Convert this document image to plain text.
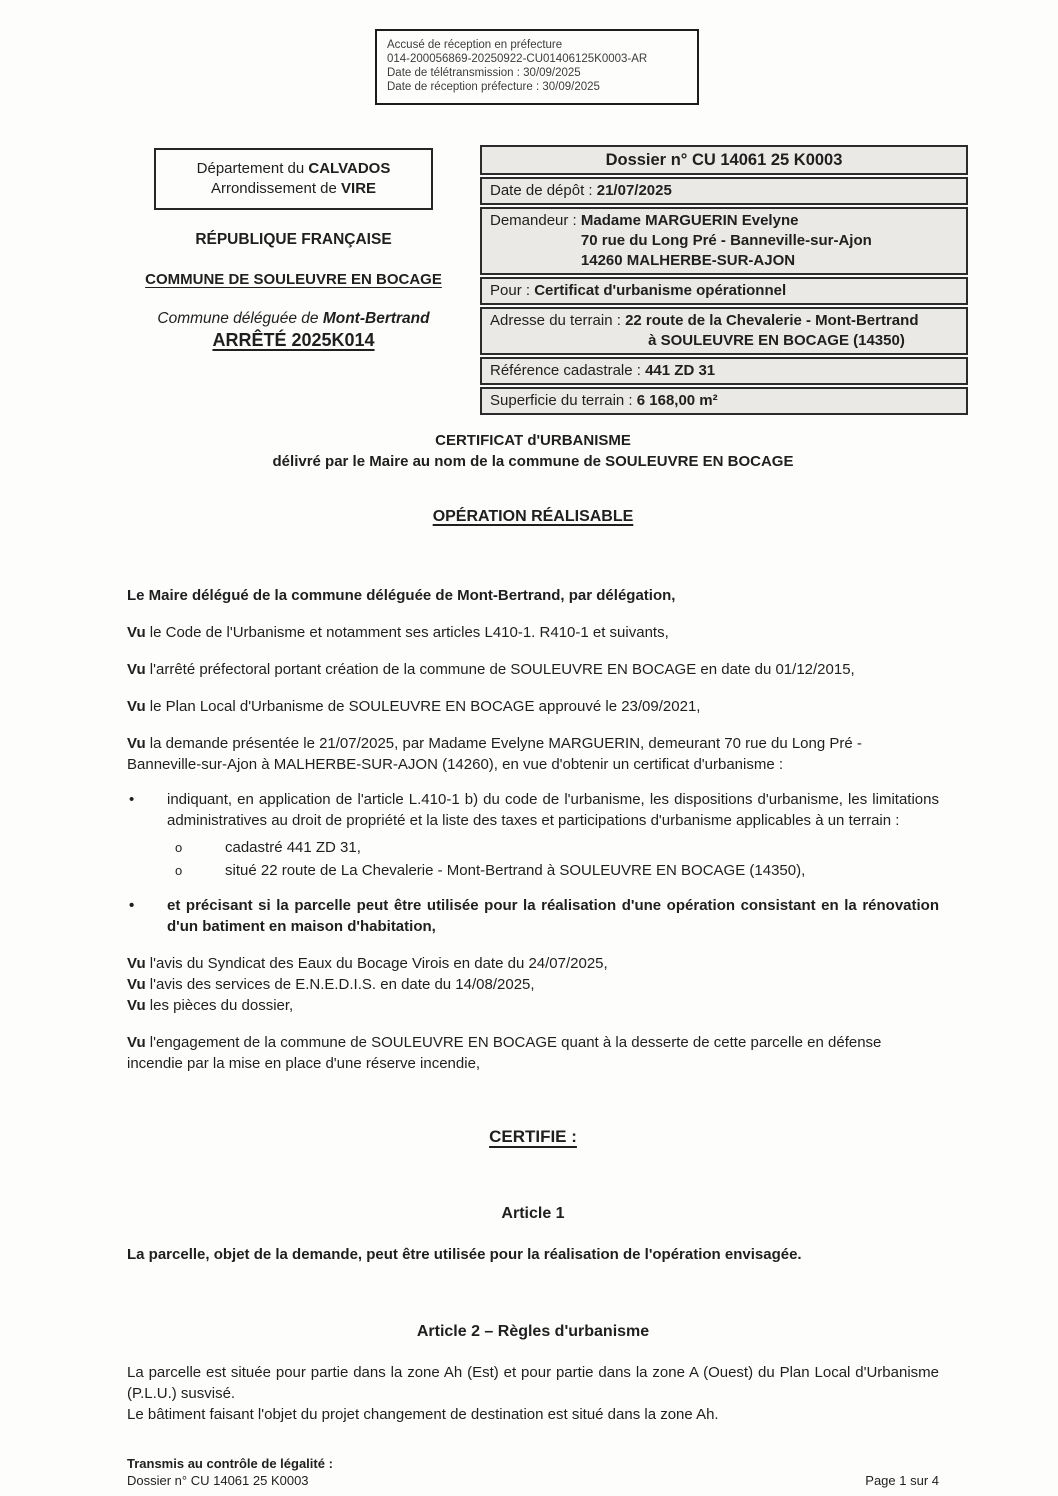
Accusé de réception en préfecture
014-200056869-20250922-CU01406125K0003-AR
Date de télétransmission : 30/09/2025
Date de réception préfecture : 30/09/2025
Département du CALVADOS
Arrondissement de VIRE
RÉPUBLIQUE FRANÇAISE
COMMUNE DE SOULEUVRE EN BOCAGE
Commune déléguée de Mont-Bertrand
ARRÊTÉ 2025K014
Dossier n° CU 14061 25 K0003
Date de dépôt : 21/07/2025
Demandeur : Madame MARGUERIN Evelyne
70 rue du Long Pré - Banneville-sur-Ajon
14260 MALHERBE-SUR-AJON
Pour : Certificat d'urbanisme opérationnel
Adresse du terrain : 22 route de la Chevalerie - Mont-Bertrand
à SOULEUVRE EN BOCAGE (14350)
Référence cadastrale : 441 ZD 31
Superficie du terrain : 6 168,00 m²
CERTIFICAT d'URBANISME
délivré par le Maire au nom de la commune de SOULEUVRE EN BOCAGE
OPÉRATION RÉALISABLE

Le Maire délégué de la commune déléguée de Mont-Bertrand, par délégation,

Vu le Code de l'Urbanisme et notamment ses articles L410-1. R410-1 et suivants,

Vu l'arrêté préfectoral portant création de la commune de SOULEUVRE EN BOCAGE en date du 01/12/2015,

Vu le Plan Local d'Urbanisme de SOULEUVRE EN BOCAGE approuvé le 23/09/2021,

Vu la demande présentée le 21/07/2025, par Madame Evelyne MARGUERIN, demeurant 70 rue du Long Pré - Banneville-sur-Ajon à MALHERBE-SUR-AJON (14260), en vue d'obtenir un certificat d'urbanisme :

•	indiquant, en application de l'article L.410-1 b) du code de l'urbanisme, les dispositions d'urbanisme, les limitations administratives au droit de propriété et la liste des taxes et participations d'urbanisme applicables à un terrain :
o	cadastré 441 ZD 31,
o	situé 22 route de La Chevalerie - Mont-Bertrand à SOULEUVRE EN BOCAGE (14350),
•	et précisant si la parcelle peut être utilisée pour la réalisation d'une opération consistant en la rénovation d'un batiment en maison d'habitation,

Vu l'avis du Syndicat des Eaux du Bocage Virois en date du 24/07/2025,

Vu l'avis des services de E.N.E.D.I.S. en date du 14/08/2025,

Vu les pièces du dossier,

Vu l'engagement de la commune de SOULEUVRE EN BOCAGE quant à la desserte de cette parcelle en défense incendie par la mise en place d'une réserve incendie,

CERTIFIE :
Article 1

La parcelle, objet de la demande, peut être utilisée pour la réalisation de l'opération envisagée.

Article 2 – Règles d'urbanisme
La parcelle est située pour partie dans la zone Ah (Est) et pour partie dans la zone A (Ouest) du Plan Local d'Urbanisme (P.L.U.) susvisé.
Le bâtiment faisant l'objet du projet changement de destination est situé dans la zone Ah.
Transmis au contrôle de légalité :
Dossier n° CU 14061 25 K0003	Page 1 sur 4
